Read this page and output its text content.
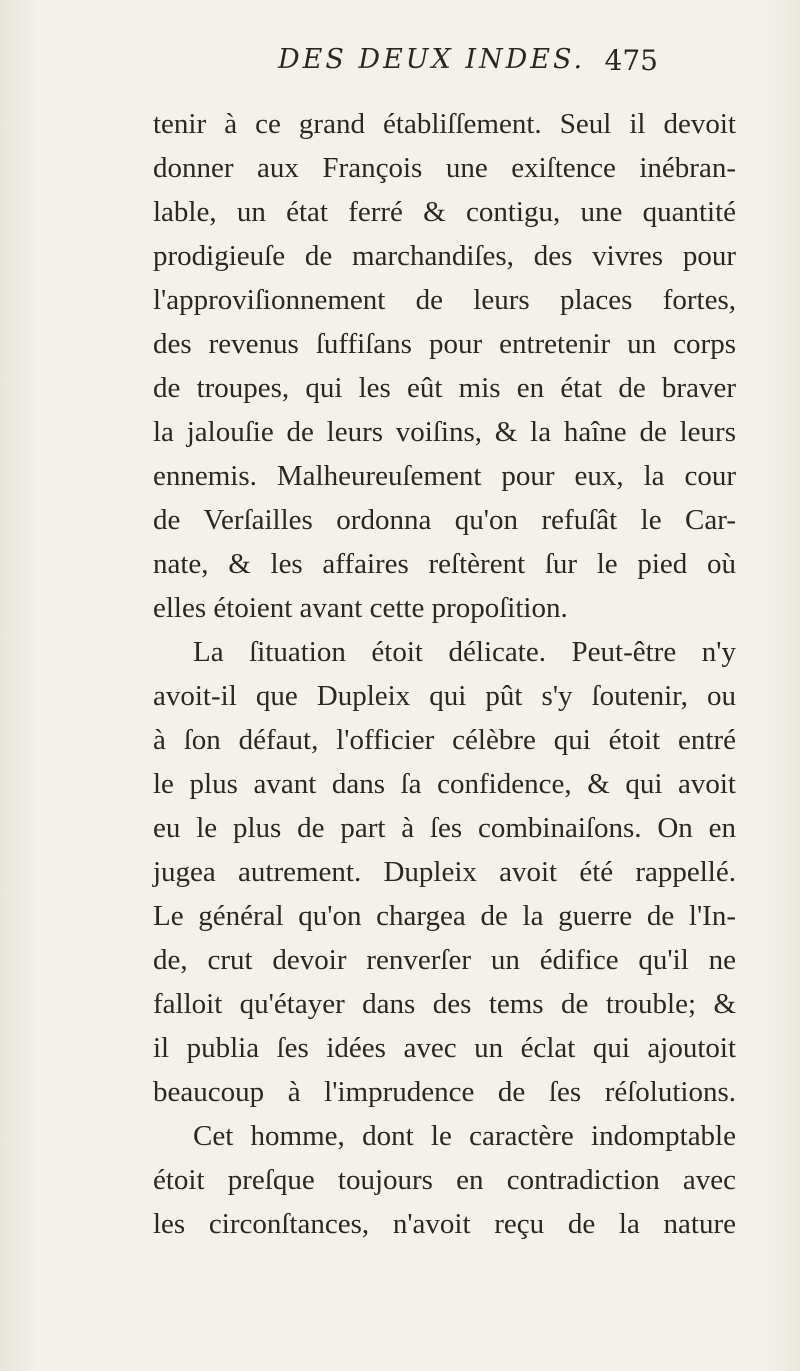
DES DEUX INDES. 475
tenir à ce grand établiſſement. Seul il devoit
donner aux François une exiſtence inébran-
lable, un état ferré & contigu, une quantité
prodigieuſe de marchandiſes, des vivres pour
l'approviſionnement de leurs places fortes,
des revenus ſuffiſans pour entretenir un corps
de troupes, qui les eût mis en état de braver
la jalouſie de leurs voiſins, & la haîne de leurs
ennemis. Malheureuſement pour eux, la cour
de Verſailles ordonna qu'on refuſât le Car-
nate, & les affaires reſtèrent ſur le pied où
elles étoient avant cette propoſition.
La ſituation étoit délicate. Peut-être n'y
avoit-il que Dupleix qui pût s'y ſoutenir, ou
à ſon défaut, l'officier célèbre qui étoit entré
le plus avant dans ſa confidence, & qui avoit
eu le plus de part à ſes combinaiſons. On en
jugea autrement. Dupleix avoit été rappellé.
Le général qu'on chargea de la guerre de l'In-
de, crut devoir renverſer un édifice qu'il ne
falloit qu'étayer dans des tems de trouble; &
il publia ſes idées avec un éclat qui ajoutoit
beaucoup à l'imprudence de ſes réſolutions.
Cet homme, dont le caractère indomptable
étoit preſque toujours en contradiction avec
les circonſtances, n'avoit reçu de la nature
